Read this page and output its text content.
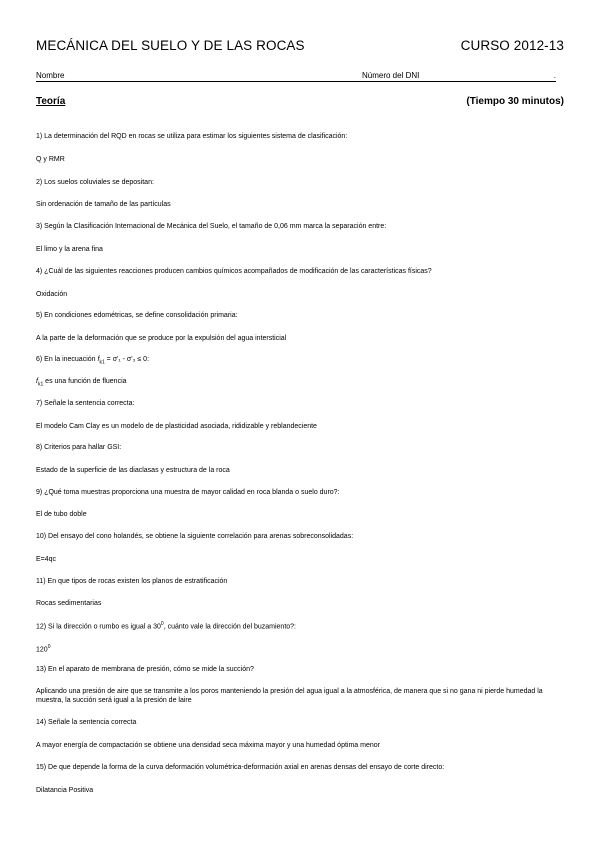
MECÁNICA DEL SUELO Y DE LAS ROCAS	CURSO 2012-13
Nombre	Número del DNI	.
Teoría	(Tiempo 30 minutos)
1) La determinación del RQD en rocas se utiliza para estimar los siguientes sistema de clasificación:
Q y RMR
2) Los suelos coluviales se depositan:
Sin ordenación de tamaño de las partículas
3) Según la Clasificación Internacional de Mecánica del Suelo, el tamaño de 0,06 mm marca la separación entre:
El limo y la arena fina
4) ¿Cuál de las siguientes reacciones producen cambios químicos acompañados de modificación de las características físicas?
Oxidación
5) En condiciones edométricas, se define consolidación primaria:
A la parte de la deformación que se produce por la expulsión del agua intersticial
6) En la inecuación $f_{k1} = \sigma'_1 - \sigma'_3 \le 0$:
$f_{k1}$ es una función de fluencia
7) Señale la sentencia correcta:
El modelo Cam Clay es un modelo de de plasticidad asociada, rididizable y reblandeciente
8) Criterios para hallar GSI:
Estado de la superficie de las diaclasas y estructura de la roca
9) ¿Qué toma muestras proporciona una muestra de mayor calidad en roca blanda o suelo duro?:
El de tubo doble
10) Del ensayo del cono holandés, se obtiene la siguiente correlación para arenas sobreconsolidadas:
E=4qc
11) En que tipos de rocas existen los planos de estratificación
Rocas sedimentarias
12) Si la dirección o rumbo es igual a $30^0$, cuánto vale la dirección del buzamiento?:
$120^0$
13) En el aparato de membrana de presión, cómo se mide la succión?
Aplicando una presión de aire que se transmite a los poros manteniendo la presión del agua igual a la atmosférica, de manera que si no gana ni pierde humedad la muestra, la succión será igual a la presión de laire
14) Señale la sentencia correcta
A mayor energía de compactación se obtiene una densidad seca máxima mayor y una humedad óptima menor
15) De que depende la forma de la curva deformación volumétrica-deformación axial en arenas densas del ensayo de corte directo:
Dilatancia Positiva
